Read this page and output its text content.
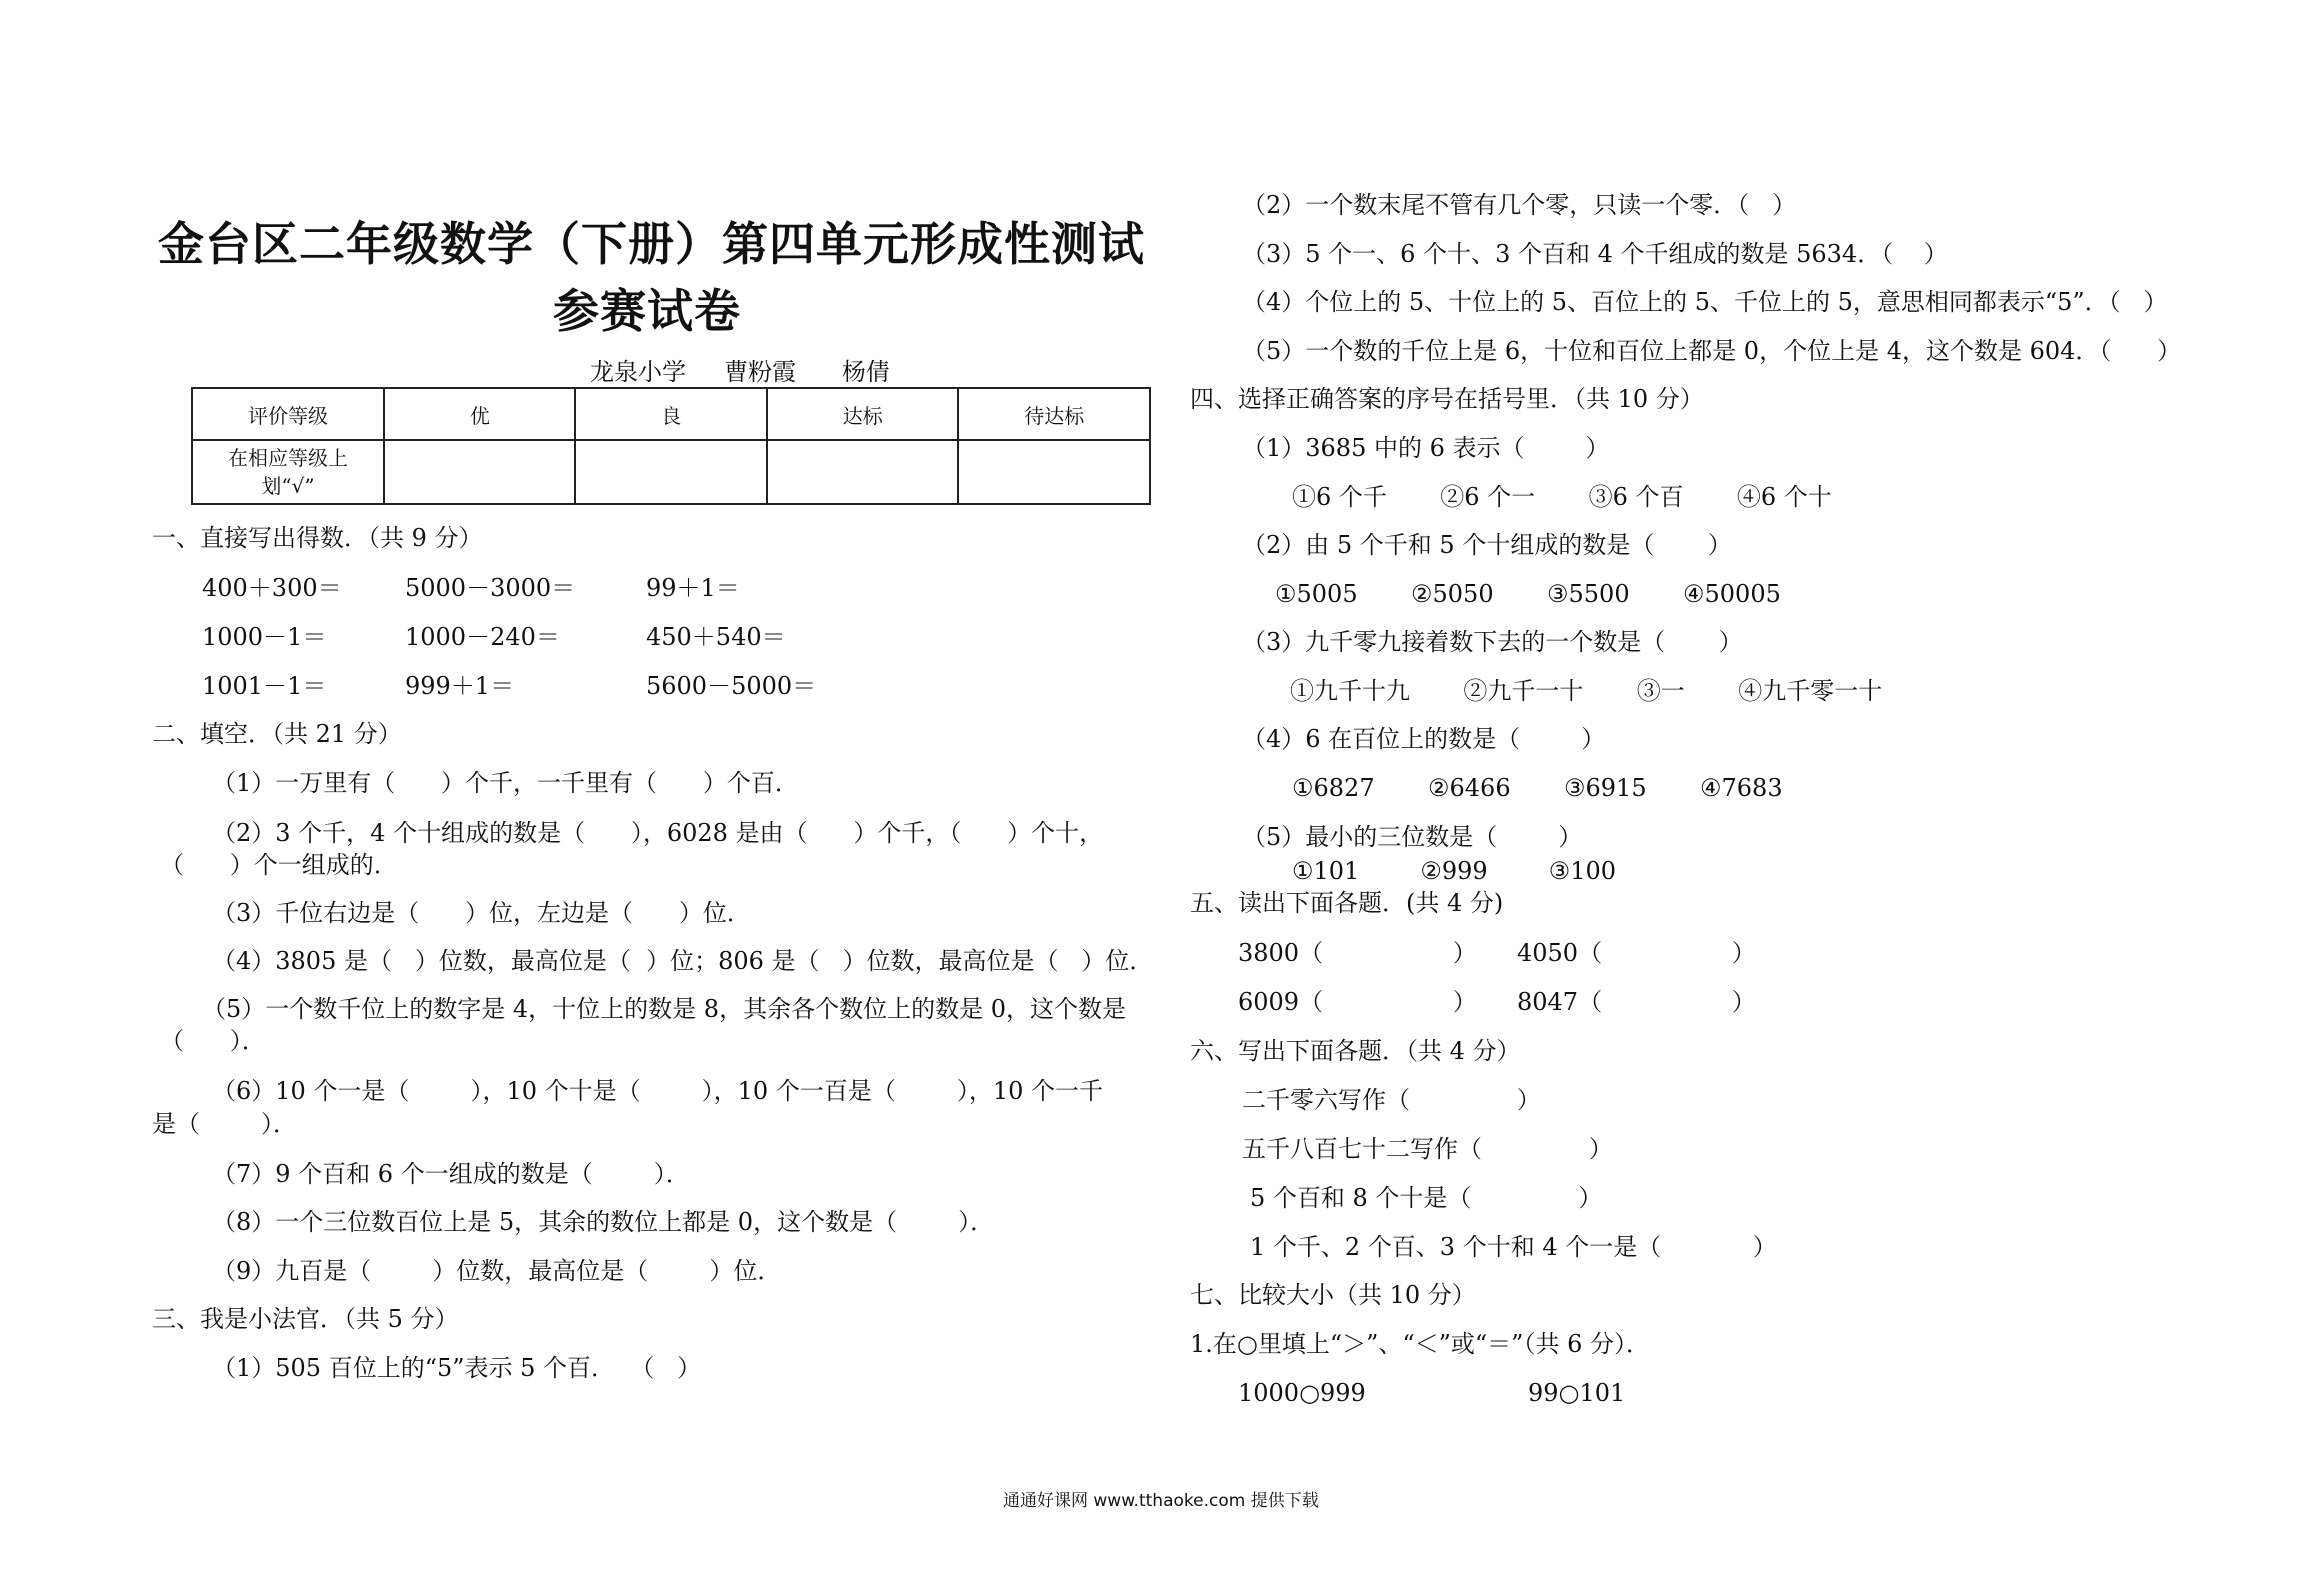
金台区二年级数学（下册）第四单元形成性测试
参赛试卷
龙泉小学     曹粉霞      杨倩
评价等级	优	良	达标	待达标

在相应等级上
划“√”				

一、直接写出得数．（共 9 分）
400＋300＝	5000－3000＝	99＋1＝
1000－1＝	1000－240＝	450＋540＝
1001－1＝	999＋1＝	5600－5000＝
二、填空．（共 21 分）
（1）一万里有（      ）个千，一千里有（      ）个百．
（2）3 个千，4 个十组成的数是（      ），6028 是由（      ）个千，（      ）个十，
（      ）个一组成的．
（3）千位右边是（      ）位，左边是（      ）位．
（4）3805 是（   ）位数，最高位是（  ）位；806 是（   ）位数，最高位是（   ）位．
（5）一个数千位上的数字是 4，十位上的数是 8，其余各个数位上的数是 0，这个数是
（      ）．
（6）10 个一是（        ），10 个十是（        ），10 个一百是（        ），10 个一千
是（        ）．
（7）9 个百和 6 个一组成的数是（        ）．
（8）一个三位数百位上是 5，其余的数位上都是 0，这个数是（        ）．
（9）九百是（        ）位数，最高位是（        ）位．
三、我是小法官．（共 5 分）
（1）505 百位上的“5”表示 5 个百．  （   ）
（2）一个数末尾不管有几个零，只读一个零．（   ）
（3）5 个一、6 个十、3 个百和 4 个千组成的数是 5634．（    ）
（4）个位上的 5、十位上的 5、百位上的 5、千位上的 5，意思相同都表示“5”．（   ）
（5）一个数的千位上是 6，十位和百位上都是 0，个位上是 4，这个数是 604．（      ）
四、选择正确答案的序号在括号里．（共 10 分）
（1）3685 中的 6 表示（        ）
①6 个千       ②6 个一       ③6 个百       ④6 个十
（2）由 5 个千和 5 个十组成的数是（       ）
①5005       ②5050       ③5500       ④50005
（3）九千零九接着数下去的一个数是（       ）
①九千十九       ②九千一十       ③一       ④九千零一十
（4）6 在百位上的数是（        ）
①6827       ②6466       ③6915       ④7683
（5）最小的三位数是（        ）
①101        ②999        ③100
五、读出下面各题．(共 4 分)
3800（                 ） 4050（                 ）
6009（                 ） 8047（                 ）
六、写出下面各题．（共 4 分）
二千零六写作（              ）
五千八百七十二写作（              ）
5 个百和 8 个十是（              ）
1 个千、2 个百、3 个十和 4 个一是（            ）
七、比较大小（共 10 分）
1.在○里填上“＞”、“＜”或“＝”（共 6 分）．
1000○999	99○101
通通好课网 www.tthaoke.com 提供下载
